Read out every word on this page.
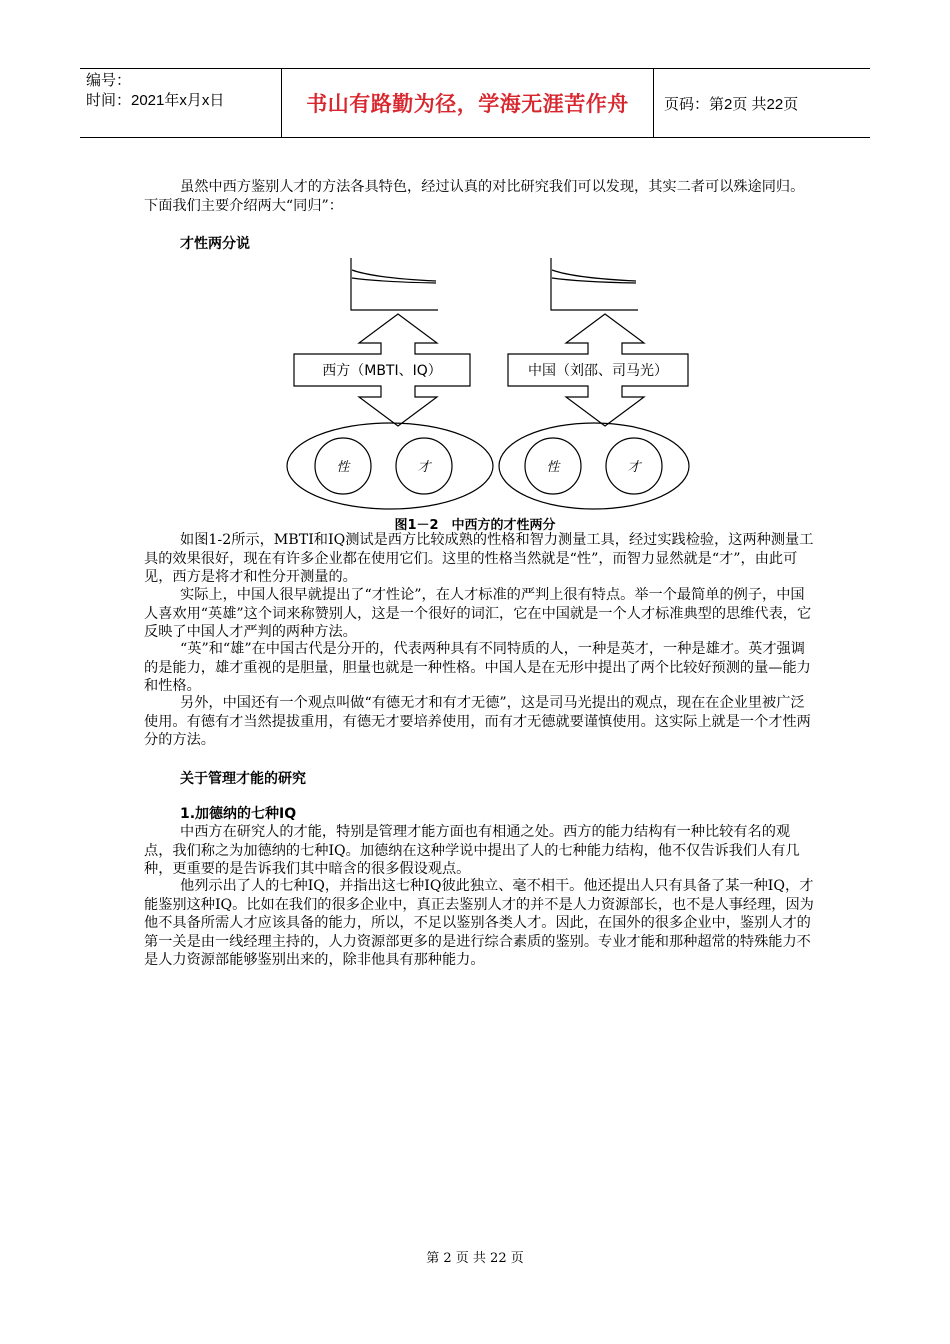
编号：
时间：2021年x月x日	书山有路勤为径，学海无涯苦作舟	页码：第2页 共22页
虽然中西方鉴别人才的方法各具特色，经过认真的对比研究我们可以发现，其实二者可以殊途同归。下面我们主要介绍两大“同归”：
才性两分说
西方（MBTI、IQ）	中国（刘邵、司马光）
性	才	性	才
图1－2　中西方的才性两分
如图1-2所示，MBTI和IQ测试是西方比较成熟的性格和智力测量工具，经过实践检验，这两种测量工具的效果很好，现在有许多企业都在使用它们。这里的性格当然就是“性”，而智力显然就是“才”，由此可见，西方是将才和性分开测量的。
实际上，中国人很早就提出了“才性论”，在人才标准的严判上很有特点。举一个最简单的例子，中国人喜欢用“英雄”这个词来称赞别人，这是一个很好的词汇，它在中国就是一个人才标准典型的思维代表，它反映了中国人才严判的两种方法。
“英”和“雄”在中国古代是分开的，代表两种具有不同特质的人，一种是英才，一种是雄才。英才强调的是能力，雄才重视的是胆量，胆量也就是一种性格。中国人是在无形中提出了两个比较好预测的量—能力和性格。
另外，中国还有一个观点叫做“有德无才和有才无德”，这是司马光提出的观点，现在在企业里被广泛使用。有德有才当然提拔重用，有德无才要培养使用，而有才无德就要谨慎使用。这实际上就是一个才性两分的方法。
关于管理才能的研究
1.加德纳的七种IQ
中西方在研究人的才能，特别是管理才能方面也有相通之处。西方的能力结构有一种比较有名的观点，我们称之为加德纳的七种IQ。加德纳在这种学说中提出了人的七种能力结构，他不仅告诉我们人有几种，更重要的是告诉我们其中暗含的很多假设观点。
他列示出了人的七种IQ，并指出这七种IQ彼此独立、毫不相干。他还提出人只有具备了某一种IQ，才能鉴别这种IQ。比如在我们的很多企业中，真正去鉴别人才的并不是人力资源部长，也不是人事经理，因为他不具备所需人才应该具备的能力，所以，不足以鉴别各类人才。因此，在国外的很多企业中，鉴别人才的第一关是由一线经理主持的，人力资源部更多的是进行综合素质的鉴别。专业才能和那种超常的特殊能力不是人力资源部能够鉴别出来的，除非他具有那种能力。
第 2 页 共 22 页
